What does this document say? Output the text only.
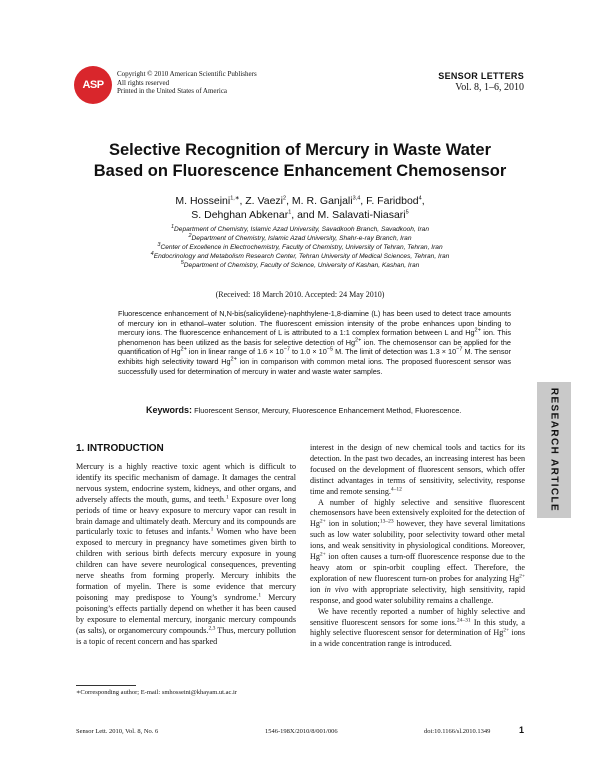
ASP
Copyright © 2010 American Scientific Publishers
All rights reserved
Printed in the United States of America
SENSOR LETTERS
Vol. 8, 1–6, 2010
Selective Recognition of Mercury in Waste Water
Based on Fluorescence Enhancement Chemosensor
M. Hosseini$^{1,∗}$, Z. Vaezi$^2$, M. R. Ganjali$^{3,4}$, F. Faridbod$^4$,
S. Dehghan Abkenar$^1$, and M. Salavati-Niasari$^5$
$^1$Department of Chemistry, Islamic Azad University, Savadkooh Branch, Savadkooh, Iran
$^2$Department of Chemistry, Islamic Azad University, Shahr-e-ray Branch, Iran
$^3$Center of Excellence in Electrochemistry, Faculty of Chemistry, University of Tehran, Tehran, Iran
$^4$Endocrinology and Metabolism Research Center, Tehran University of Medical Sciences, Tehran, Iran
$^5$Department of Chemistry, Faculty of Science, University of Kashan, Kashan, Iran
(Received: 18 March 2010. Accepted: 24 May 2010)
Fluorescence enhancement of N,N-bis(salicylidene)-naphthylene-1,8-diamine (L) has been used to detect trace amounts of mercury ion in ethanol–water solution. The fluorescent emission intensity of the probe enhances upon binding to mercury ions. The fluorescence enhancement of L is attributed to a 1:1 complex formation between L and $Hg^{2+}$ ion. This phenomenon has been utilized as the basis for selective detection of $Hg^{2+}$ ion. The chemosensor can be applied for the quantification of $Hg^{2+}$ ion in linear range of $1.6 \times 10^{-7}$ to $1.0 \times 10^{-5}$ M. The limit of detection was $1.3 \times 10^{-7}$ M. The sensor exhibits high selectivity toward $Hg^{2+}$ ion in comparison with common metal ions. The proposed fluorescent sensor was successfully used for determination of mercury in water and waste water samples.
Keywords: Fluorescent Sensor, Mercury, Fluorescence Enhancement Method, Fluorescence.	RESEARCH ARTICLE
1. INTRODUCTION

Mercury is a highly reactive toxic agent which is difficult to identify its specific mechanism of damage. It damages the central nervous system, endocrine system, kidneys, and other organs, and adversely affects the mouth, gums, and teeth.$^1$ Exposure over long periods of time or heavy exposure to mercury vapor can result in brain damage and ultimately death. Mercury and its compounds are particularly toxic to fetuses and infants.$^1$ Women who have been exposed to mercury in pregnancy have sometimes given birth to children with serious birth defects mercury exposure in young children can have severe neurological consequences, preventing nerve sheaths from forming properly. Mercury inhibits the formation of myelin. There is some evidence that mercury poisoning may predispose to Young’s syndrome.$^1$ Mercury poisoning’s effects partially depend on whether it has been caused by exposure to elemental mercury, inorganic mercury compounds (as salts), or organomercury compounds.$^{2,3}$ Thus, mercury pollution is a topic of recent concern and has sparked

interest in the design of new chemical tools and tactics for its detection. In the past two decades, an increasing interest has been focused on the development of fluorescent sensors, which offer distinct advantages in terms of sensitivity, selectivity, response time and remote sensing.$^{4-12}$

A number of highly selective and sensitive fluorescent chemosensors have been extensively exploited for the detection of $Hg^{2+}$ ion in solution;$^{13-23}$ however, they have several limitations such as low water solubility, poor selectivity toward other metal ions, and weak sensitivity in physiological conditions. Moreover, $Hg^{2+}$ ion often causes a turn-off fluorescence response due to the heavy atom or spin-orbit coupling effect. Therefore, the exploration of new fluorescent turn-on probes for analyzing $Hg^{2+}$ ion in vivo with appropriate selectivity, high sensitivity, rapid response, and good water solubility remains a challenge.

We have recently reported a number of highly selective and sensitive fluorescent sensors for some ions.$^{24-31}$ In this study, a highly selective fluorescent sensor for determination of $Hg^{2+}$ ions in a wide concentration range is introduced.

∗Corresponding author; E-mail: smhosseini@khayam.ut.ac.ir
Sensor Lett. 2010, Vol. 8, No. 6	1546-198X/2010/8/001/006	doi:10.1166/sl.2010.1349	1
